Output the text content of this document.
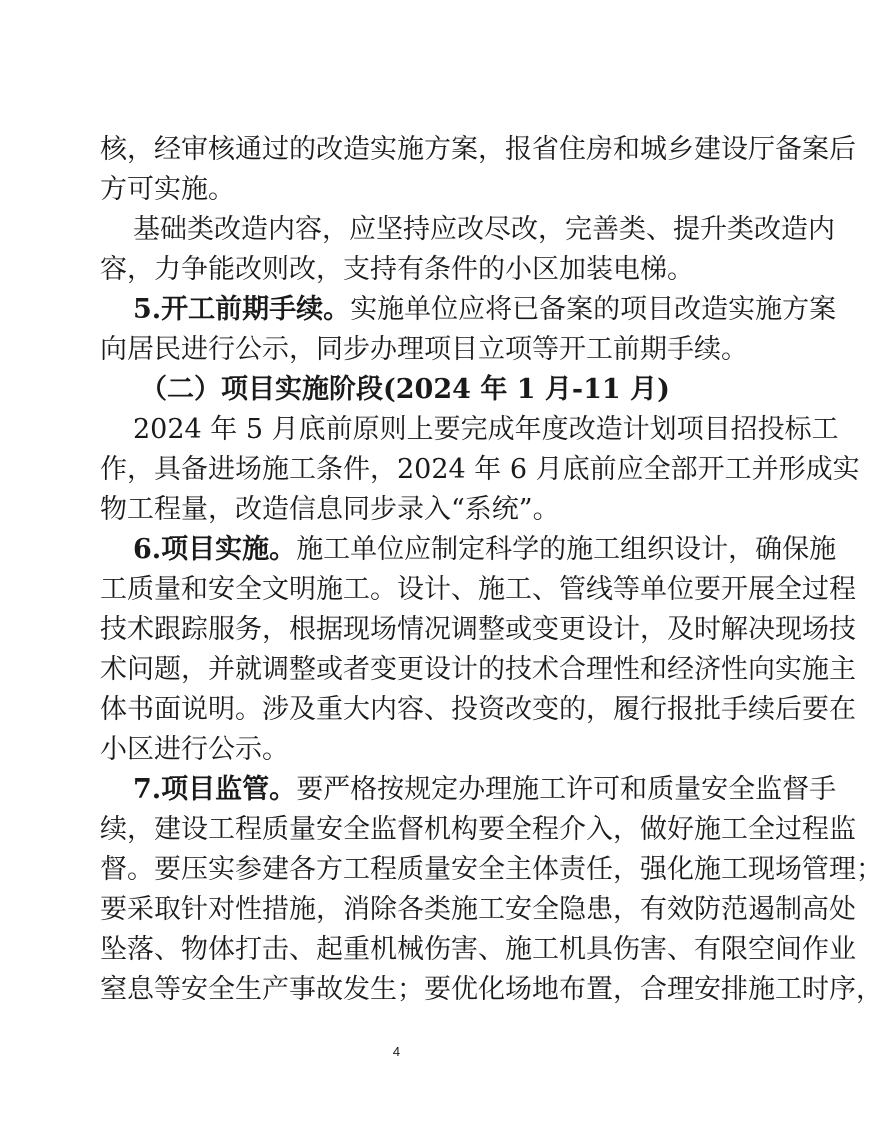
核，经审核通过的改造实施方案，报省住房和城乡建设厅备案后
方可实施。
基础类改造内容，应坚持应改尽改，完善类、提升类改造内
容，力争能改则改，支持有条件的小区加装电梯。
5.开工前期手续。实施单位应将已备案的项目改造实施方案
向居民进行公示，同步办理项目立项等开工前期手续。
（二）项目实施阶段(2024 年 1 月-11 月)
2024 年 5 月底前原则上要完成年度改造计划项目招投标工
作，具备进场施工条件，2024 年 6 月底前应全部开工并形成实
物工程量，改造信息同步录入“系统”。
6.项目实施。施工单位应制定科学的施工组织设计，确保施
工质量和安全文明施工。设计、施工、管线等单位要开展全过程
技术跟踪服务，根据现场情况调整或变更设计，及时解决现场技
术问题，并就调整或者变更设计的技术合理性和经济性向实施主
体书面说明。涉及重大内容、投资改变的，履行报批手续后要在
小区进行公示。
7.项目监管。要严格按规定办理施工许可和质量安全监督手
续，建设工程质量安全监督机构要全程介入，做好施工全过程监
督。要压实参建各方工程质量安全主体责任，强化施工现场管理；
要采取针对性措施，消除各类施工安全隐患，有效防范遏制高处
坠落、物体打击、起重机械伤害、施工机具伤害、有限空间作业
窒息等安全生产事故发生；要优化场地布置，合理安排施工时序，
4
